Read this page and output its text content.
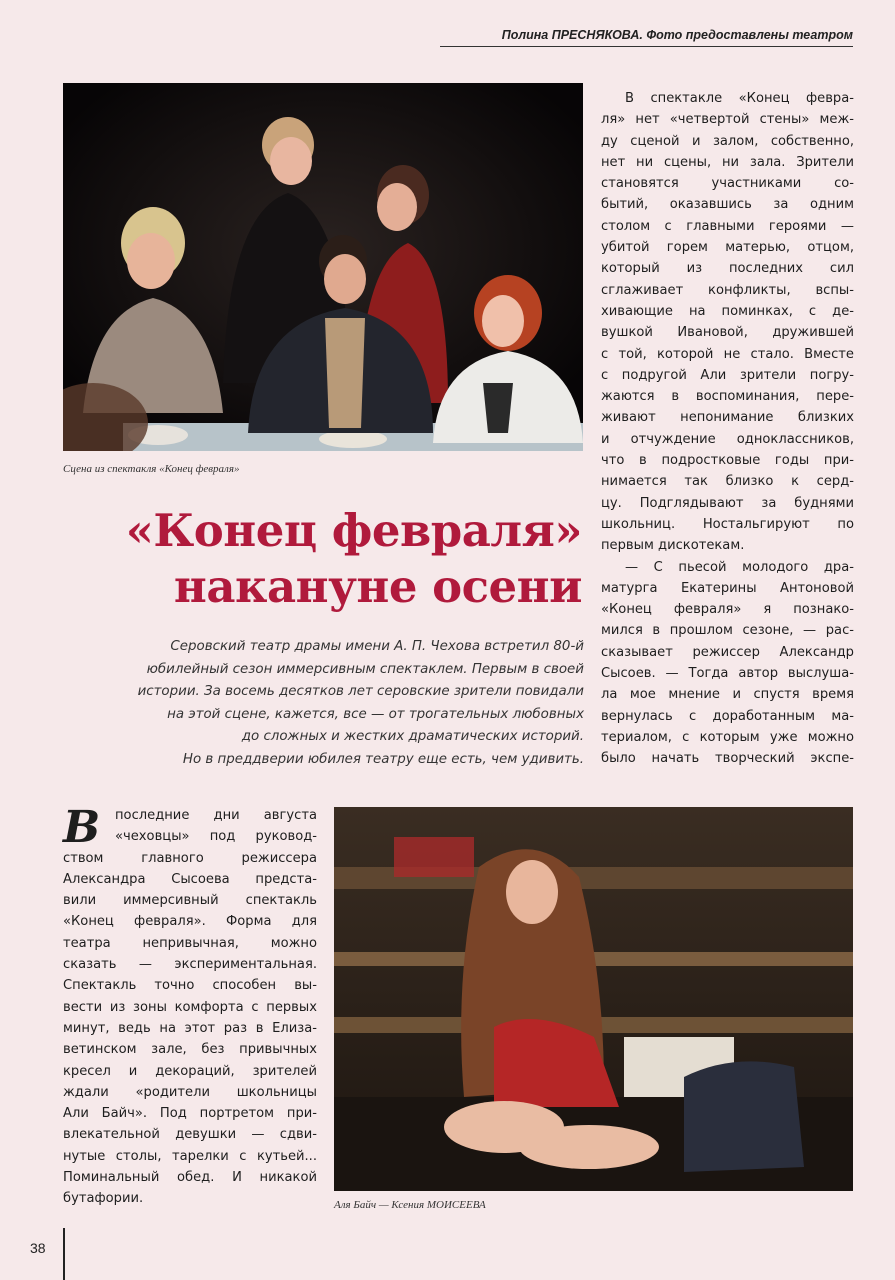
Полина ПРЕСНЯКОВА. Фото предоставлены театром
Сцена из спектакля «Конец февраля»
«Конец февраля»
накануне осени
Серовский театр драмы имени А. П. Чехова встретил 80-й
юбилейный сезон иммерсивным спектаклем. Первым в своей
истории. За восемь десятков лет серовские зрители повидали
на этой сцене, кажется, все — от трогательных любовных
до сложных и жестких драматических историй.
Но в преддверии юбилея театру еще есть, чем удивить.
В спектакле «Конец февра-
ля» нет «четвертой стены» меж-
ду сценой и залом, собственно,
нет ни сцены, ни зала. Зрители
становятся участниками со-
бытий, оказавшись за одним
столом с главными героями —
убитой горем матерью, отцом,
который из последних сил
сглаживает конфликты, вспы-
хивающие на поминках, с де-
вушкой Ивановой, дружившей
с той, которой не стало. Вместе
с подругой Али зрители погру-
жаются в воспоминания, пере-
живают непонимание близких
и отчуждение одноклассников,
что в подростковые годы при-
нимается так близко к серд-
цу. Подглядывают за буднями
школьниц. Ностальгируют по
первым дискотекам.
— С пьесой молодого дра-
матурга Екатерины Антоновой
«Конец февраля» я познако-
мился в прошлом сезоне, — рас-
сказывает режиссер Александр
Сысоев. — Тогда автор выслуша-
ла мое мнение и спустя время
вернулась с доработанным ма-
териалом, с которым уже можно
было начать творческий экспе-
В	последние дни августа
«чеховцы» под руковод-
ством главного режиссера
Александра Сысоева предста-
вили иммерсивный спектакль
«Конец февраля». Форма для
театра непривычная, можно
сказать — экспериментальная.
Спектакль точно способен вы-
вести из зоны комфорта с первых
минут, ведь на этот раз в Елиза-
ветинском зале, без привычных
кресел и декораций, зрителей
ждали «родители школьницы
Али Байч». Под портретом при-
влекательной девушки — сдви-
нутые столы, тарелки с кутьей...
Поминальный обед. И никакой
бутафории.	Аля Байч — Ксения МОИСЕЕВА
38
